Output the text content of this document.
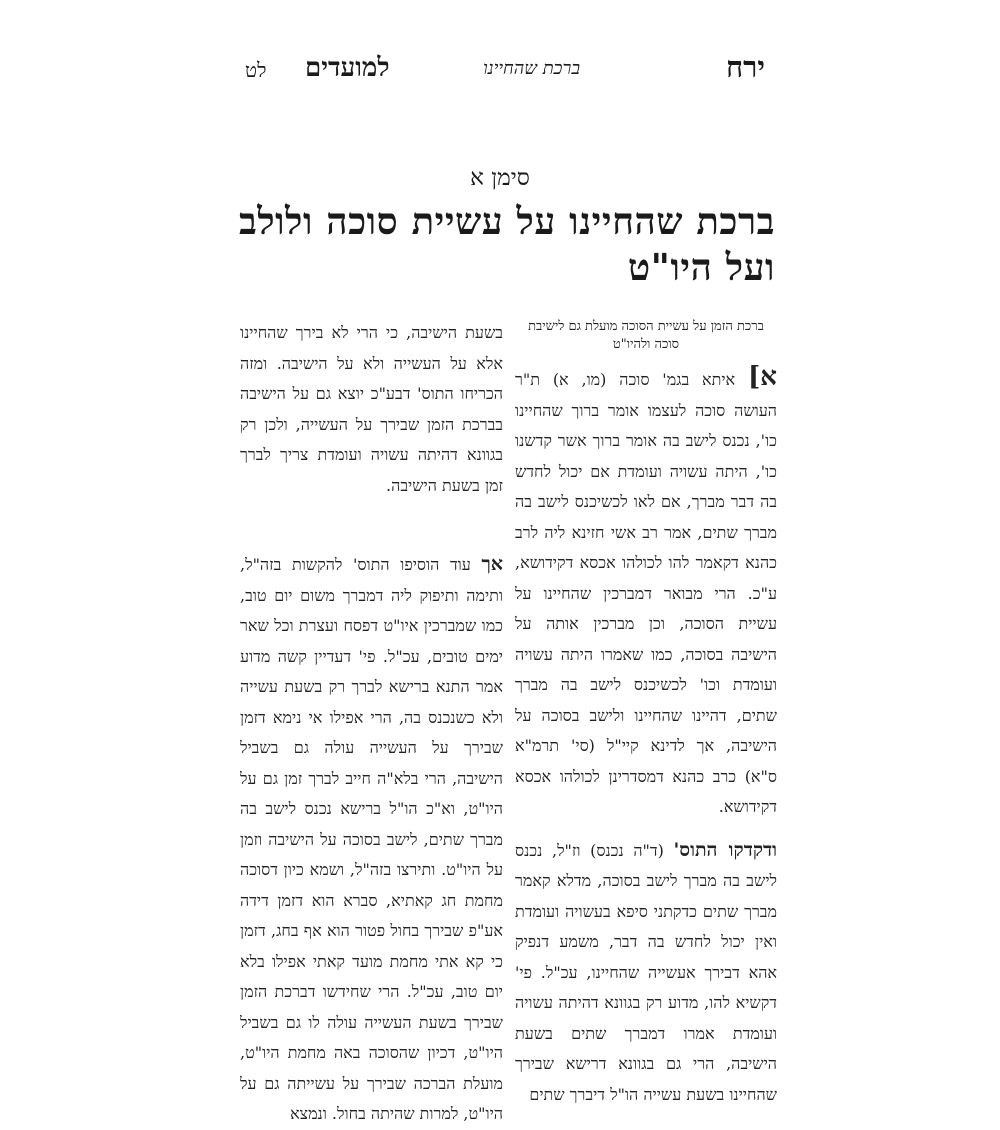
ירח
ברכת שהחיינו
למועדים
לט
סימן א
ברכת שהחיינו על עשיית סוכה ולולב
ועל היו"ט
ברכת הזמן על עשיית הסוכה מועלת גם לישיבת סוכה ולהיו"ט

א] איתא בגמ' סוכה (מו, א) ת"ר העושה סוכה לעצמו אומר ברוך שהחיינו כו', נכנס לישב בה אומר ברוך אשר קדשנו כו', היתה עשויה ועומדת אם יכול לחדש בה דבר מברך, אם לאו לכשיכנס לישב בה מברך שתים, אמר רב אשי חזינא ליה לרב כהנא דקאמר להו לכולהו אכסא דקידושא, ע"כ. הרי מבואר דמברכין שהחיינו על עשיית הסוכה, וכן מברכין אותה על הישיבה בסוכה, כמו שאמרו היתה עשויה ועומדת וכו' לכשיכנס לישב בה מברך שתים, דהיינו שהחיינו ולישב בסוכה על הישיבה, אך לדינא קיי"ל (סי' תרמ"א ס"א) כרב כהנא דמסדרינן לכולהו אכסא דקידושא.

ודקדקו התוס' (ד"ה נכנס) וז"ל, נכנס לישב בה מברך לישב בסוכה, מדלא קאמר מברך שתים כדקתני סיפא בעשויה ועומדת ואין יכול לחדש בה דבר, משמע דנפיק אהא דבירך אעשייה שהחיינו, עכ"ל. פי' דקשיא להו, מדוע רק בגוונא דהיתה עשויה ועומדת אמרו דמברך שתים בשעת הישיבה, הרי גם בגוונא דרישא שבירך שהחיינו בשעת עשייה הו"ל דיברך שתים

בשעת הישיבה, כי הרי לא בירך שהחיינו אלא על העשייה ולא על הישיבה. ומזה הכריחו התוס' דבע"כ יוצא גם על הישיבה בברכת הזמן שבירך על העשייה, ולכן רק בגוונא דהיתה עשויה ועומדת צריך לברך זמן בשעת הישיבה.

אך עוד הוסיפו התוס' להקשות בזה"ל, ותימה ותיפוק ליה דמברך משום יום טוב, כמו שמברכין איו"ט דפסח ועצרת וכל שאר ימים טובים, עכ"ל. פי' דעדיין קשה מדוע אמר התנא ברישא לברך רק בשעת עשייה ולא כשנכנס בה, הרי אפילו אי נימא דזמן שבירך על העשייה עולה גם בשביל הישיבה, הרי בלא"ה חייב לברך זמן גם על היו"ט, וא"כ הו"ל ברישא נכנס לישב בה מברך שתים, לישב בסוכה על הישיבה וזמן על היו"ט. ותירצו בזה"ל, ושמא כיון דסוכה מחמת חג קאתיא, סברא הוא דזמן דידה אע"פ שבירך בחול פטור הוא אף בחג, דזמן כי קא אתי מחמת מועד קאתי אפילו בלא יום טוב, עכ"ל. הרי שחידשו דברכת הזמן שבירך בשעת העשייה עולה לו גם בשביל היו"ט, דכיון שהסוכה באה מחמת היו"ט, מועלת הברכה שבירך על עשייתה גם על היו"ט, למרות שהיתה בחול. ונמצא
